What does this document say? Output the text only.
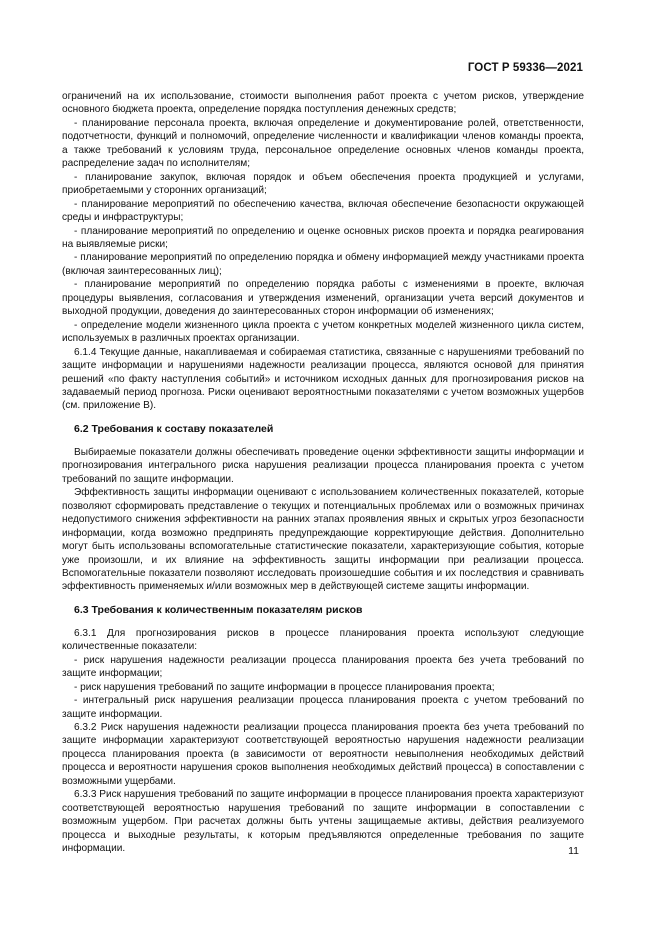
ГОСТ Р 59336—2021

ограничений на их использование, стоимости выполнения работ проекта с учетом рисков, утверждение основного бюджета проекта, определение порядка поступления денежных средств;

- планирование персонала проекта, включая определение и документирование ролей, ответственности, подотчетности, функций и полномочий, определение численности и квалификации членов команды проекта, а также требований к условиям труда, персональное определение основных членов команды проекта, распределение задач по исполнителям;

- планирование закупок, включая порядок и объем обеспечения проекта продукцией и услугами, приобретаемыми у сторонних организаций;

- планирование мероприятий по обеспечению качества, включая обеспечение безопасности окружающей среды и инфраструктуры;

- планирование мероприятий по определению и оценке основных рисков проекта и порядка реагирования на выявляемые риски;

- планирование мероприятий по определению порядка и обмену информацией между участниками проекта (включая заинтересованных лиц);

- планирование мероприятий по определению порядка работы с изменениями в проекте, включая процедуры выявления, согласования и утверждения изменений, организации учета версий документов и выходной продукции, доведения до заинтересованных сторон информации об изменениях;

- определение модели жизненного цикла проекта с учетом конкретных моделей жизненного цикла систем, используемых в различных проектах организации.

6.1.4 Текущие данные, накапливаемая и собираемая статистика, связанные с нарушениями требований по защите информации и нарушениями надежности реализации процесса, являются основой для принятия решений «по факту наступления событий» и источником исходных данных для прогнозирования рисков на задаваемый период прогноза. Риски оценивают вероятностными показателями с учетом возможных ущербов (см. приложение В).

6.2 Требования к составу показателей

Выбираемые показатели должны обеспечивать проведение оценки эффективности защиты информации и прогнозирования интегрального риска нарушения реализации процесса планирования проекта с учетом требований по защите информации.

Эффективность защиты информации оценивают с использованием количественных показателей, которые позволяют сформировать представление о текущих и потенциальных проблемах или о возможных причинах недопустимого снижения эффективности на ранних этапах проявления явных и скрытых угроз безопасности информации, когда возможно предпринять предупреждающие корректирующие действия. Дополнительно могут быть использованы вспомогательные статистические показатели, характеризующие события, которые уже произошли, и их влияние на эффективность защиты информации при реализации процесса. Вспомогательные показатели позволяют исследовать произошедшие события и их последствия и сравнивать эффективность применяемых и/или возможных мер в действующей системе защиты информации.

6.3 Требования к количественным показателям рисков

6.3.1 Для прогнозирования рисков в процессе планирования проекта используют следующие количественные показатели:

- риск нарушения надежности реализации процесса планирования проекта без учета требований по защите информации;

- риск нарушения требований по защите информации в процессе планирования проекта;

- интегральный риск нарушения реализации процесса планирования проекта с учетом требований по защите информации.

6.3.2 Риск нарушения надежности реализации процесса планирования проекта без учета требований по защите информации характеризуют соответствующей вероятностью нарушения надежности реализации процесса планирования проекта (в зависимости от вероятности невыполнения необходимых действий процесса и вероятности нарушения сроков выполнения необходимых действий процесса) в сопоставлении с возможными ущербами.

6.3.3 Риск нарушения требований по защите информации в процессе планирования проекта характеризуют соответствующей вероятностью нарушения требований по защите информации в сопоставлении с возможным ущербом. При расчетах должны быть учтены защищаемые активы, действия реализуемого процесса и выходные результаты, к которым предъявляются определенные требования по защите информации.	11
